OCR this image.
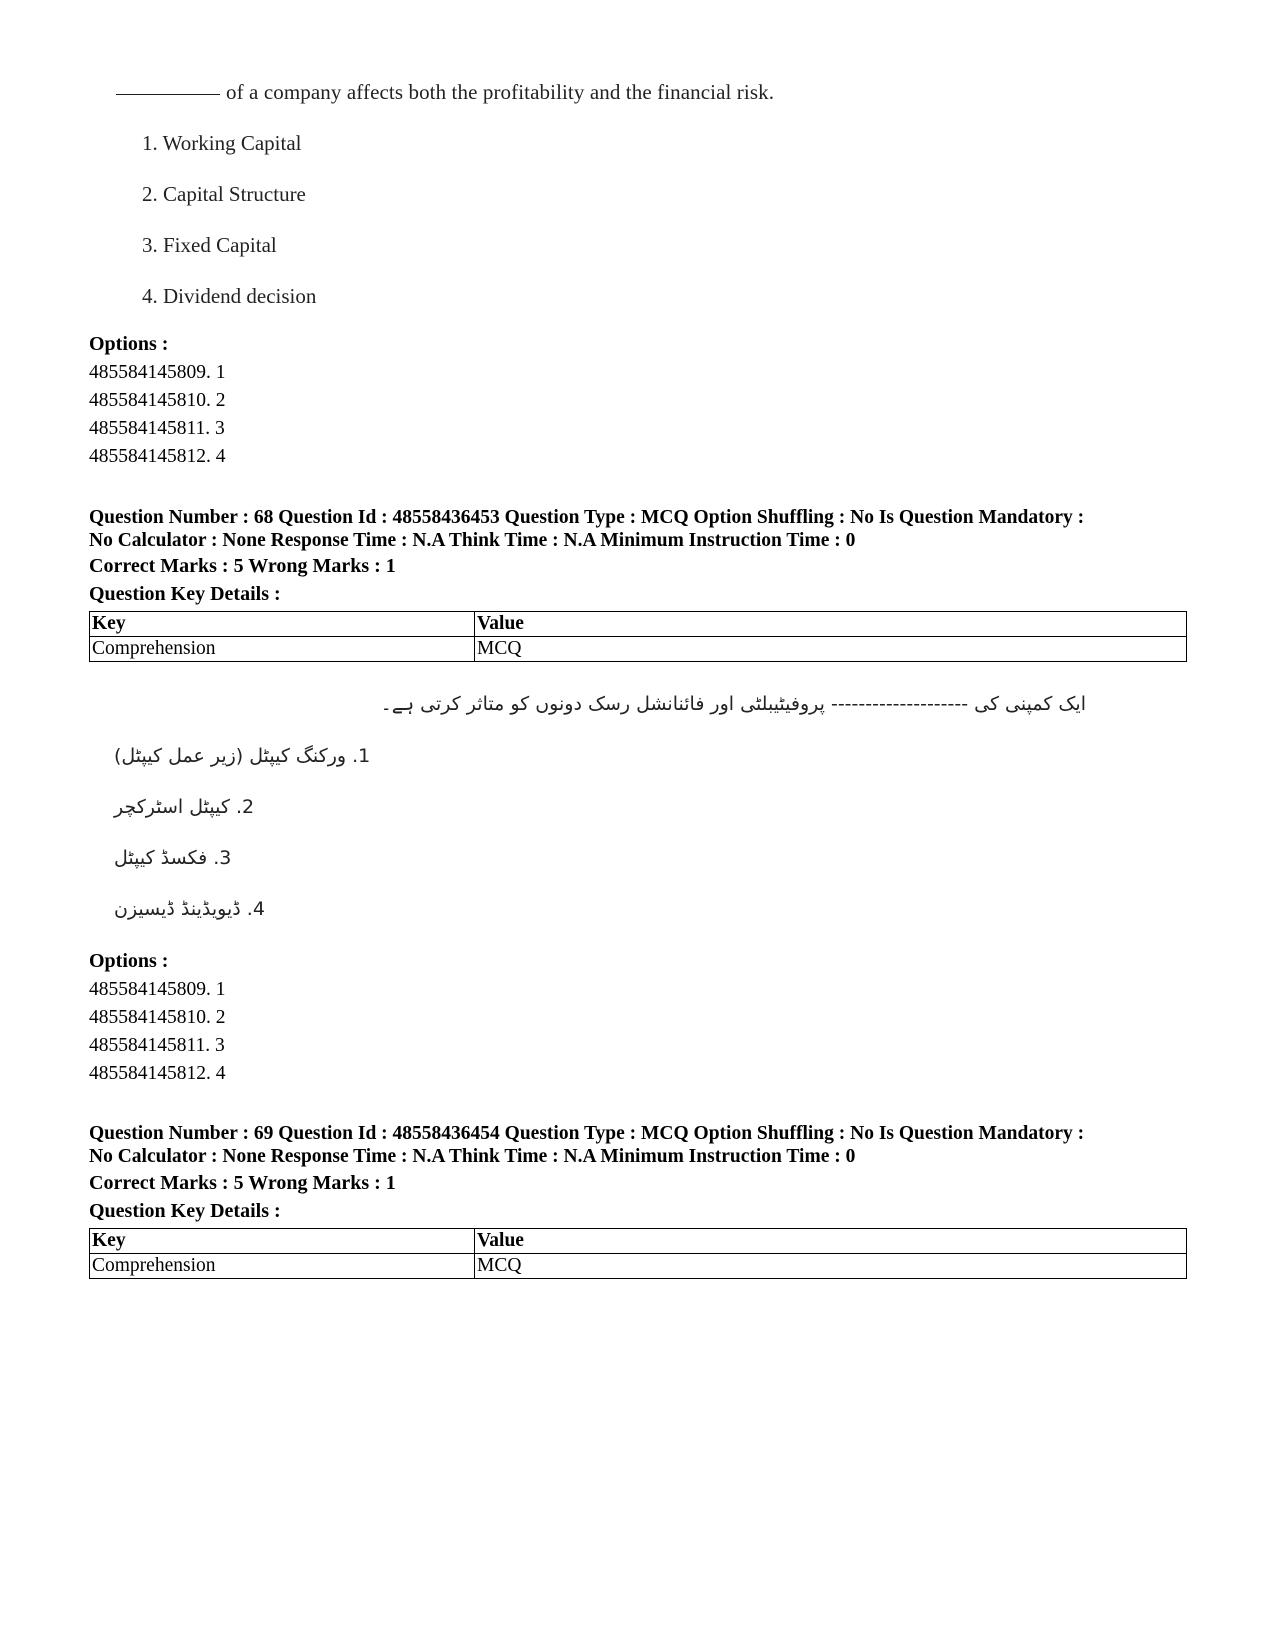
of a company affects both the profitability and the financial risk.
1. Working Capital
2. Capital Structure
3. Fixed Capital
4. Dividend decision
Options :
485584145809. 1
485584145810. 2
485584145811. 3
485584145812. 4
Question Number : 68 Question Id : 48558436453 Question Type : MCQ Option Shuffling : No Is Question Mandatory :
No Calculator : None Response Time : N.A Think Time : N.A Minimum Instruction Time : 0
Correct Marks : 5 Wrong Marks : 1
Question Key Details :
Key	Value
Comprehension	MCQ
ایک کمپنی کی -------------------- پروفیٹیبلٹی اور فائنانشل رسک دونوں کو متاثر کرتی ہے۔
1. ورکنگ کیپٹل (زیر عمل کیپٹل)
2. کیپٹل اسٹرکچر
3. فکسڈ کیپٹل
4. ڈیویڈینڈ ڈیسیزن
Options :
485584145809. 1
485584145810. 2
485584145811. 3
485584145812. 4
Question Number : 69 Question Id : 48558436454 Question Type : MCQ Option Shuffling : No Is Question Mandatory :
No Calculator : None Response Time : N.A Think Time : N.A Minimum Instruction Time : 0
Correct Marks : 5 Wrong Marks : 1
Question Key Details :
Key	Value
Comprehension	MCQ
